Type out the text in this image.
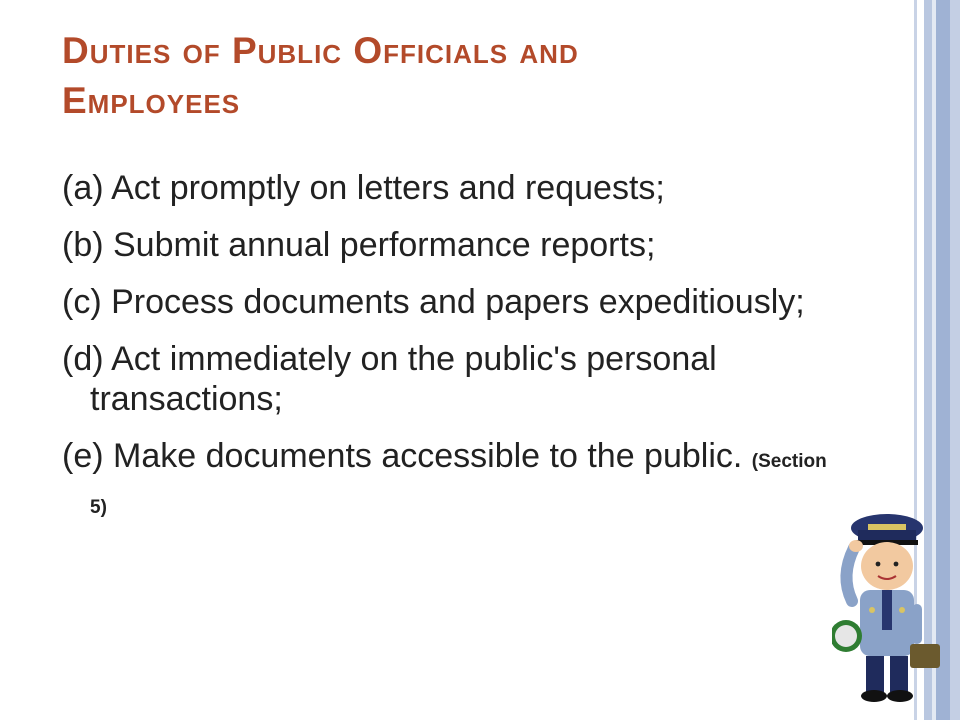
Duties of Public Officials and
Employees
(a) Act promptly on letters and requests;
(b) Submit annual performance reports;
(c) Process documents and papers expeditiously;
(d) Act immediately on the public's personal transactions;
(e) Make documents accessible to the public. (Section 5)
